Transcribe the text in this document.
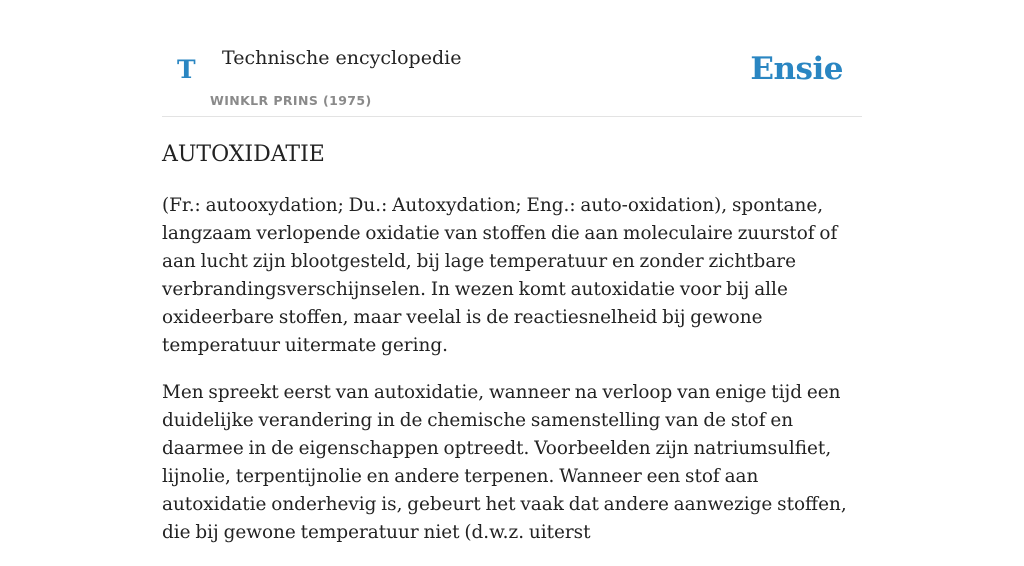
T Technische encyclopedie
WINKLR PRINS (1975)
Ensie
AUTOXIDATIE

(Fr.: autooxydation; Du.: Autoxydation; Eng.: auto-oxidation), spontane, langzaam verlopende oxidatie van stoffen die aan moleculaire zuurstof of aan lucht zijn blootgesteld, bij lage temperatuur en zonder zichtbare verbrandingsverschijnselen. In wezen komt autoxidatie voor bij alle oxideerbare stoffen, maar veelal is de reactiesnelheid bij gewone temperatuur uitermate gering.

Men spreekt eerst van autoxidatie, wanneer na verloop van enige tijd een duidelijke verandering in de chemische samenstelling van de stof en daarmee in de eigenschappen optreedt. Voorbeelden zijn natriumsulfiet, lijnolie, terpentijnolie en andere terpenen. Wanneer een stof aan autoxidatie onderhevig is, gebeurt het vaak dat andere aanwezige stoffen, die bij gewone temperatuur niet (d.w.z. uiterst
